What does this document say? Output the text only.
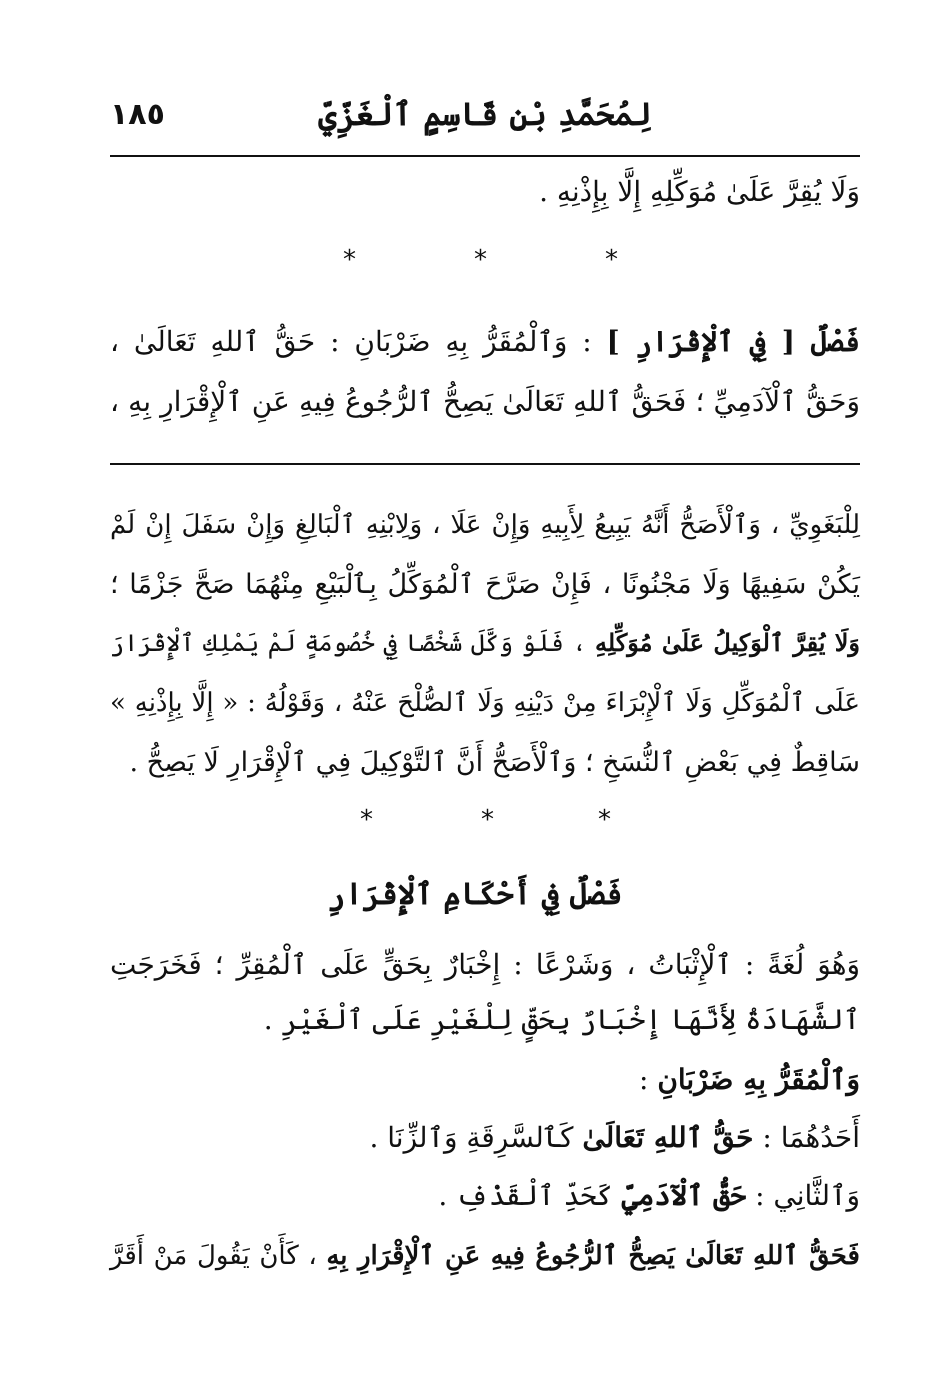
١٨٥	لِمُحَمَّدِ بْنِ قَاسِمٍ ٱلْغَزِّيِّ
وَلَا يُقِرَّ عَلَىٰ مُوَكِّلِهِ إِلَّا بِإِذْنِهِ .
*	*	*
فَصْلٌ [ فِي ٱلْإِقْرَارِ ] : وَٱلْمُقَرُّ بِهِ ضَرْبَانِ : حَقُّ ٱللهِ تَعَالَىٰ ،
وَحَقُّ ٱلْآدَمِيِّ ؛ فَحَقُّ ٱللهِ تَعَالَىٰ يَصِحُّ ٱلرُّجُوعُ فِيهِ عَنِ ٱلْإِقْرَارِ بِهِ ،
لِلْبَغَوِيِّ ، وَٱلْأَصَحُّ أَنَّهُ يَبِيعُ لِأَبِيهِ وَإِنْ عَلَا ، وَلِابْنِهِ ٱلْبَالِغِ وَإِنْ سَفَلَ إِنْ لَمْ
يَكُنْ سَفِيهًا وَلَا مَجْنُونًا ، فَإِنْ صَرَّحَ ٱلْمُوَكِّلُ بِٱلْبَيْعِ مِنْهُمَا صَحَّ جَزْمًا ؛
وَلَا يُقِرَّ ٱلْوَكِيلُ عَلَىٰ مُوَكِّلِهِ ، فَلَوْ وَكَّلَ شَخْصًا فِي خُصُومَةٍ لَمْ يَمْلِكِ ٱلْإِقْرَارَ
عَلَى ٱلْمُوَكِّلِ وَلَا ٱلْإِبْرَاءَ مِنْ دَيْنِهِ وَلَا ٱلصُّلْحَ عَنْهُ ، وَقَوْلُهُ : « إِلَّا بِإِذْنِهِ »
سَاقِطٌ فِي بَعْضِ ٱلنُّسَخِ ؛ وَٱلْأَصَحُّ أَنَّ ٱلتَّوْكِيلَ فِي ٱلْإِقْرَارِ لَا يَصِحُّ .
*	*	*
فَصْلٌ فِي أَحْكَامِ ٱلْإِقْرَارِ
وَهُوَ لُغَةً : ٱلْإِثْبَاتُ ، وَشَرْعًا : إِخْبَارٌ بِحَقٍّ عَلَى ٱلْمُقِرِّ ؛ فَخَرَجَتِ
ٱلشَّهَادَةُ لِأَنَّهَا إِخْبَارٌ بِحَقٍّ لِلْغَيْرِ عَلَى ٱلْغَيْرِ .
وَٱلْمُقَرُّ بِهِ ضَرْبَانِ :
أَحَدُهُمَا : حَقُّ ٱللهِ تَعَالَىٰ كَٱلسَّرِقَةِ وَٱلزِّنَا .
وَٱلثَّانِي : حَقُّ ٱلْآدَمِيِّ كَحَدِّ ٱلْقَذْفِ .
فَحَقُّ ٱللهِ تَعَالَىٰ يَصِحُّ ٱلرُّجُوعُ فِيهِ عَنِ ٱلْإِقْرَارِ بِهِ ، كَأَنْ يَقُولَ مَنْ أَقَرَّ
